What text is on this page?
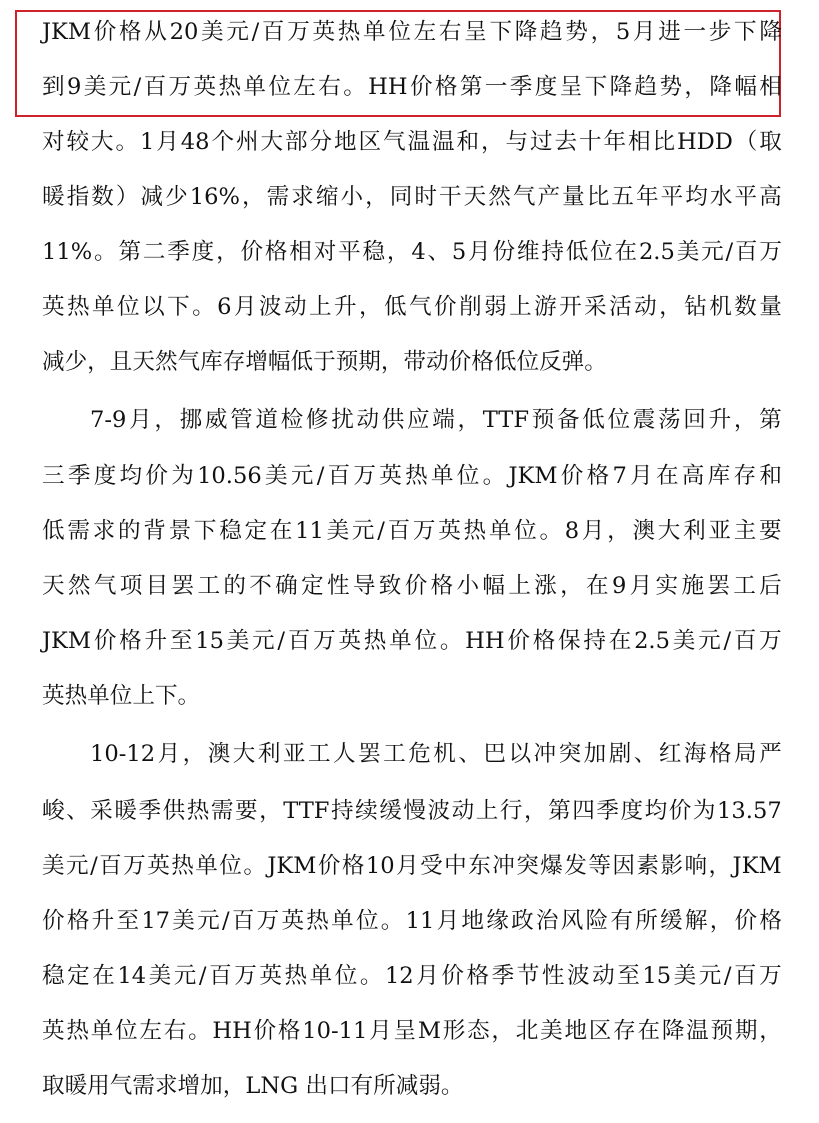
JKM 价 格 从 20 美 元 / 百 万 英 热 单 位 左 右 呈 下 降 趋 势 ， 5 月 进 一 步 下 降
到 9 美 元 / 百 万 英 热 单 位 左 右 。 HH 价 格 第 一 季 度 呈 下 降 趋 势 ， 降 幅 相
对 较 大 。 1 月 48 个 州 大 部 分 地 区 气 温 温 和 ， 与 过 去 十 年 相 比 HDD （ 取
暖 指 数 ） 减 少 16% ， 需 求 缩 小 ， 同 时 干 天 然 气 产 量 比 五 年 平 均 水 平 高
11% 。 第 二 季 度 ， 价 格 相 对 平 稳 ， 4 、 5 月 份 维 持 低 位 在 2.5 美 元 / 百 万
英 热 单 位 以 下 。 6 月 波 动 上 升 ， 低 气 价 削 弱 上 游 开 采 活 动 ， 钻 机 数 量
减少，且天然气库存增幅低于预期，带动价格低位反弹。
7-9 月 ， 挪 威 管 道 检 修 扰 动 供 应 端 ， TTF 预 备 低 位 震 荡 回 升 ， 第
三 季 度 均 价 为 10.56 美 元 / 百 万 英 热 单 位 。 JKM 价 格 7 月 在 高 库 存 和
低 需 求 的 背 景 下 稳 定 在 11 美 元 / 百 万 英 热 单 位 。 8 月 ， 澳 大 利 亚 主 要
天 然 气 项 目 罢 工 的 不 确 定 性 导 致 价 格 小 幅 上 涨 ， 在 9 月 实 施 罢 工 后
JKM 价 格 升 至 15 美 元 / 百 万 英 热 单 位 。 HH 价 格 保 持 在 2.5 美 元 / 百 万
英热单位上下。
10-12 月 ， 澳 大 利 亚 工 人 罢 工 危 机 、 巴 以 冲 突 加 剧 、 红 海 格 局 严
峻 、 采 暖 季 供 热 需 要 ， TTF 持 续 缓 慢 波 动 上 行 ， 第 四 季 度 均 价 为 13.57
美 元 / 百 万 英 热 单 位 。 JKM 价 格 10 月 受 中 东 冲 突 爆 发 等 因 素 影 响 ， JKM
价 格 升 至 17 美 元 / 百 万 英 热 单 位 。 11 月 地 缘 政 治 风 险 有 所 缓 解 ， 价 格
稳 定 在 14 美 元 / 百 万 英 热 单 位 。 12 月 价 格 季 节 性 波 动 至 15 美 元 / 百 万
英 热 单 位 左 右 。 HH 价 格 10-11 月 呈 M 形 态 ， 北 美 地 区 存 在 降 温 预 期 ，
取暖用气需求增加，LNG 出口有所减弱。
